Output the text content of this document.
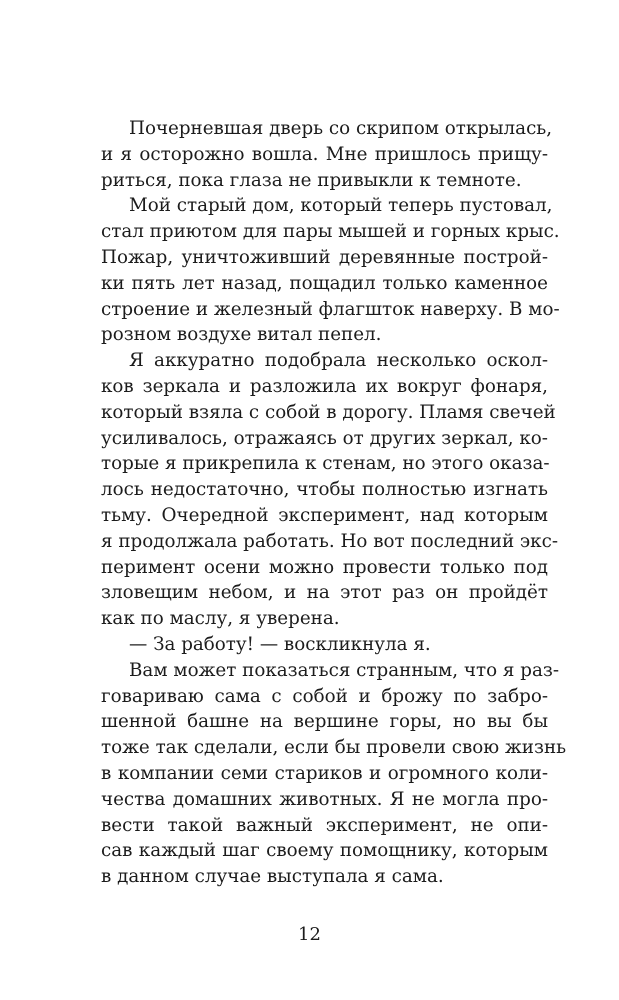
Почерневшая дверь со скрипом открылась,
и я осторожно вошла. Мне пришлось прищу-
риться, пока глаза не привыкли к темноте.
Мой старый дом, который теперь пустовал,
стал приютом для пары мышей и горных крыс.
Пожар, уничтоживший деревянные построй-
ки пять лет назад, пощадил только каменное
строение и железный флагшток наверху. В мо-
розном воздухе витал пепел.
Я аккуратно подобрала несколько оскол-
ков зеркала и разложила их вокруг фонаря,
который взяла с собой в дорогу. Пламя свечей
усиливалось, отражаясь от других зеркал, ко-
торые я прикрепила к стенам, но этого оказа-
лось недостаточно, чтобы полностью изгнать
тьму. Очередной эксперимент, над которым
я продолжала работать. Но вот последний экс-
перимент осени можно провести только под
зловещим небом, и на этот раз он пройдёт
как по маслу, я уверена.
— За работу! — воскликнула я.
Вам может показаться странным, что я раз-
говариваю сама с собой и брожу по забро-
шенной башне на вершине горы, но вы бы
тоже так сделали, если бы провели свою жизнь
в компании семи стариков и огромного коли-
чества домашних животных. Я не могла про-
вести такой важный эксперимент, не опи-
сав каждый шаг своему помощнику, которым
в данном случае выступала я сама.
12
